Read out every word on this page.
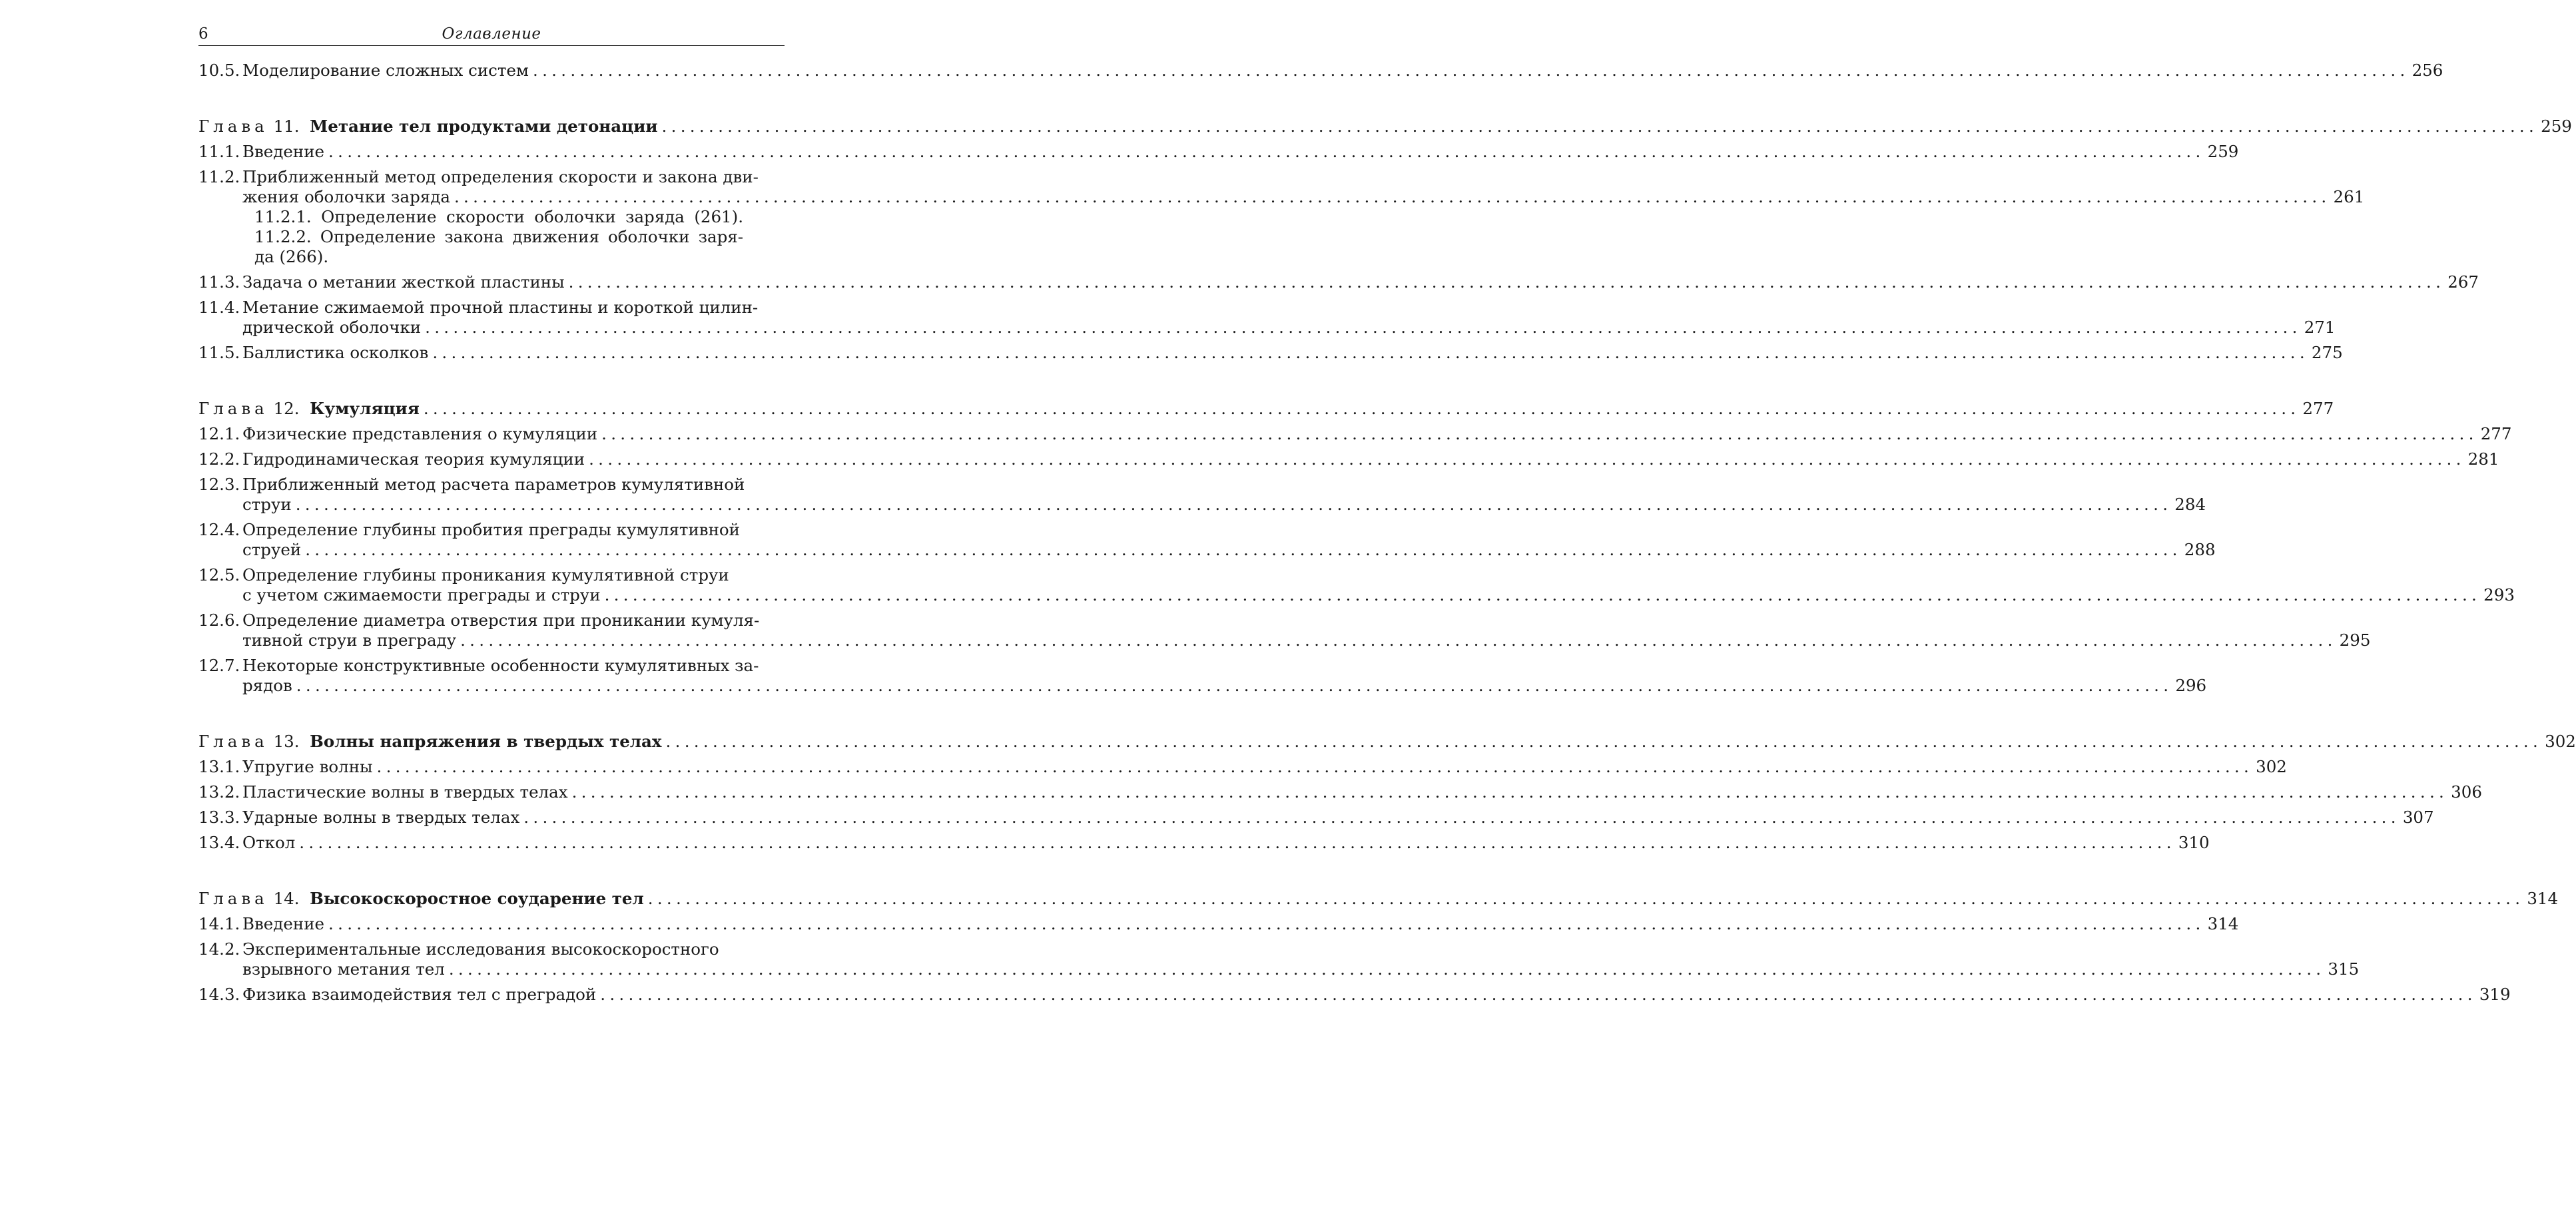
6	Оглавление
10.5. Моделирование сложных систем ........................................................................................................................................................................................................ 256
Глава 11. Метание тел продуктами детонации ........................................................................................................................................................................................................ 259
11.1. Введение ........................................................................................................................................................................................................ 259
11.2. Приближенный метод определения скорости и закона дви-
жения оболочки заряда ........................................................................................................................................................................................................ 261
11.2.1. Определение скорости оболочки заряда (261).
11.2.2. Определение закона движения оболочки заря-
да (266).
11.3. Задача о метании жесткой пластины ........................................................................................................................................................................................................ 267
11.4. Метание сжимаемой прочной пластины и короткой цилин-
дрической оболочки ........................................................................................................................................................................................................ 271
11.5. Баллистика осколков ........................................................................................................................................................................................................ 275
Глава 12. Кумуляция ........................................................................................................................................................................................................ 277
12.1. Физические представления о кумуляции ........................................................................................................................................................................................................ 277
12.2. Гидродинамическая теория кумуляции ........................................................................................................................................................................................................ 281
12.3. Приближенный метод расчета параметров кумулятивной
струи ........................................................................................................................................................................................................ 284
12.4. Определение глубины пробития преграды кумулятивной
струей ........................................................................................................................................................................................................ 288
12.5. Определение глубины проникания кумулятивной струи
с учетом сжимаемости преграды и струи ........................................................................................................................................................................................................ 293
12.6. Определение диаметра отверстия при проникании кумуля-
тивной струи в преграду ........................................................................................................................................................................................................ 295
12.7. Некоторые конструктивные особенности кумулятивных за-
рядов ........................................................................................................................................................................................................ 296
Глава 13. Волны напряжения в твердых телах ........................................................................................................................................................................................................ 302
13.1. Упругие волны ........................................................................................................................................................................................................ 302
13.2. Пластические волны в твердых телах ........................................................................................................................................................................................................ 306
13.3. Ударные волны в твердых телах ........................................................................................................................................................................................................ 307
13.4. Откол ........................................................................................................................................................................................................ 310
Глава 14. Высокоскоростное соударение тел ........................................................................................................................................................................................................ 314
14.1. Введение ........................................................................................................................................................................................................ 314
14.2. Экспериментальные исследования высокоскоростного
взрывного метания тел ........................................................................................................................................................................................................ 315
14.3. Физика взаимодействия тел с преградой ........................................................................................................................................................................................................ 319
